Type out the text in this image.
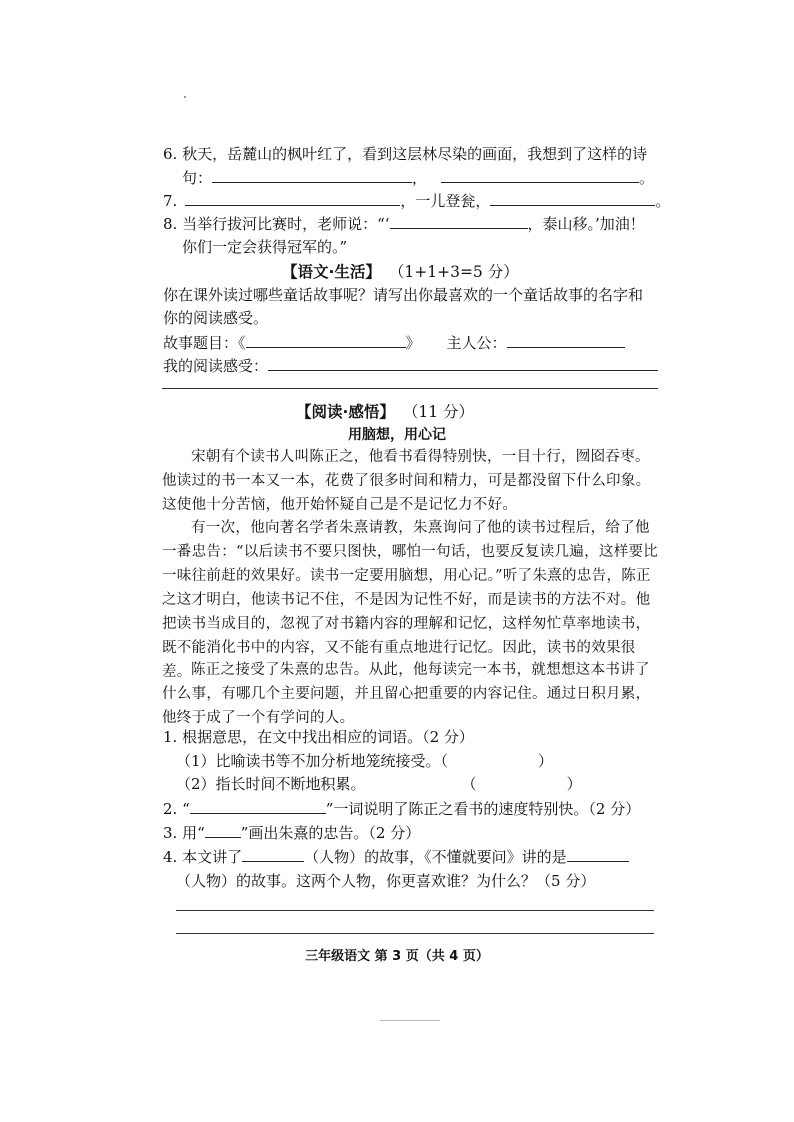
6. 秋天，岳麓山的枫叶红了，看到这层林尽染的画面，我想到了这样的诗
句：	，	。
7.	，一儿登瓮，	。
8. 当举行拔河比赛时，老师说：“‘	，泰山移。’加油！
你们一定会获得冠军的。”
【语文·生活】 （1+1+3=5 分）
你在课外读过哪些童话故事呢？请写出你最喜欢的一个童话故事的名字和
你的阅读感受。
故事题目：《	》 主人公：
我的阅读感受：
【阅读·感悟】 （11 分）
用脑想，用心记
宋朝有个读书人叫陈正之，他看书看得特别快，一目十行，囫囵吞枣。他读过的书一本又一本，花费了很多时间和精力，可是都没留下什么印象。这使他十分苦恼，他开始怀疑自己是不是记忆力不好。
有一次，他向著名学者朱熹请教，朱熹询问了他的读书过程后，给了他一番忠告：“以后读书不要只图快，哪怕一句话，也要反复读几遍，这样要比一味往前赶的效果好。读书一定要用脑想，用心记。”听了朱熹的忠告，陈正之这才明白，他读书记不住，不是因为记性不好，而是读书的方法不对。他把读书当成目的，忽视了对书籍内容的理解和记忆，这样匆忙草率地读书，既不能消化书中的内容，又不能有重点地进行记忆。因此，读书的效果很差。 陈正之接受了朱熹的忠告。从此，他每读完一本书，就想想这本书讲了什么事，有哪几个主要问题，并且留心把重要的内容记住。通过日积月累，他终于成了一个有学问的人。
1. 根据意思，在文中找出相应的词语。（2 分）
（1）比喻读书等不加分析地笼统接受。（	）
（2）指长时间不断地积累。	（	）
2. “	”一词说明了陈正之看书的速度特别快。（2 分）
3. 用“ ”画出朱熹的忠告。（2 分）
4. 本文讲了	（人物）的故事，《不懂就要问》讲的是
（人物）的故事。这两个人物，你更喜欢谁？为什么？（5 分）
三年级语文 第 3 页（共 4 页）
